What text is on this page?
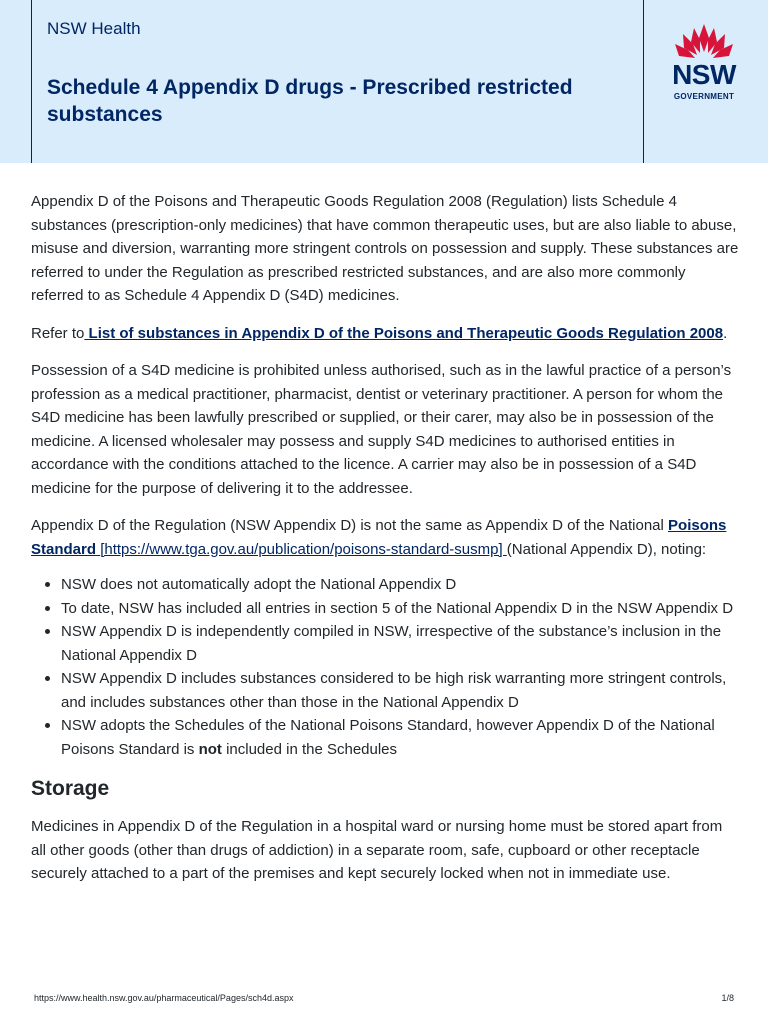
NSW Health
Schedule 4 Appendix D drugs - Prescribed restricted substances
NSW
GOVERNMENT

Appendix D of the Poisons and Therapeutic Goods Regulation 2008 (Regulation) lists Schedule 4 substances (prescription-only medicines) that have common therapeutic uses, but are also liable to abuse, misuse and diversion, warranting more stringent controls on possession and supply. These substances are referred to under the Regulation as prescribed restricted substances, and are also more commonly referred to as Schedule 4 Appendix D (S4D) medicines.

Refer to List of substances in Appendix D of the Poisons and Therapeutic Goods Regulation 2008.

Possession of a S4D medicine is prohibited unless authorised, such as in the lawful practice of a person’s profession as a medical practitioner, pharmacist, dentist or veterinary practitioner. A person for whom the S4D medicine has been lawfully prescribed or supplied, or their carer, may also be in possession of the medicine. A licensed wholesaler may possess and supply S4D medicines to authorised entities in accordance with the conditions attached to the licence. A carrier may also be in possession of a S4D medicine for the purpose of delivering it to the addressee.

Appendix D of the Regulation (NSW Appendix D) is not the same as Appendix D of the National Poisons Standard [https://www.tga.gov.au/publication/poisons-standard-susmp] (National Appendix D), noting:

NSW does not automatically adopt the National Appendix D
To date, NSW has included all entries in section 5 of the National Appendix D in the NSW Appendix D
NSW Appendix D is independently compiled in NSW, irrespective of the substance’s inclusion in the National Appendix D
NSW Appendix D includes substances considered to be high risk warranting more stringent controls, and includes substances other than those in the National Appendix D
NSW adopts the Schedules of the National Poisons Standard, however Appendix D of the National Poisons Standard is not included in the Schedules
Storage

Medicines in Appendix D of the Regulation in a hospital ward or nursing home must be stored apart from all other goods (other than drugs of addiction) in a separate room, safe, cupboard or other receptacle securely attached to a part of the premises and kept securely locked when not in immediate use.

https://www.health.nsw.gov.au/pharmaceutical/Pages/sch4d.aspx	1/8
